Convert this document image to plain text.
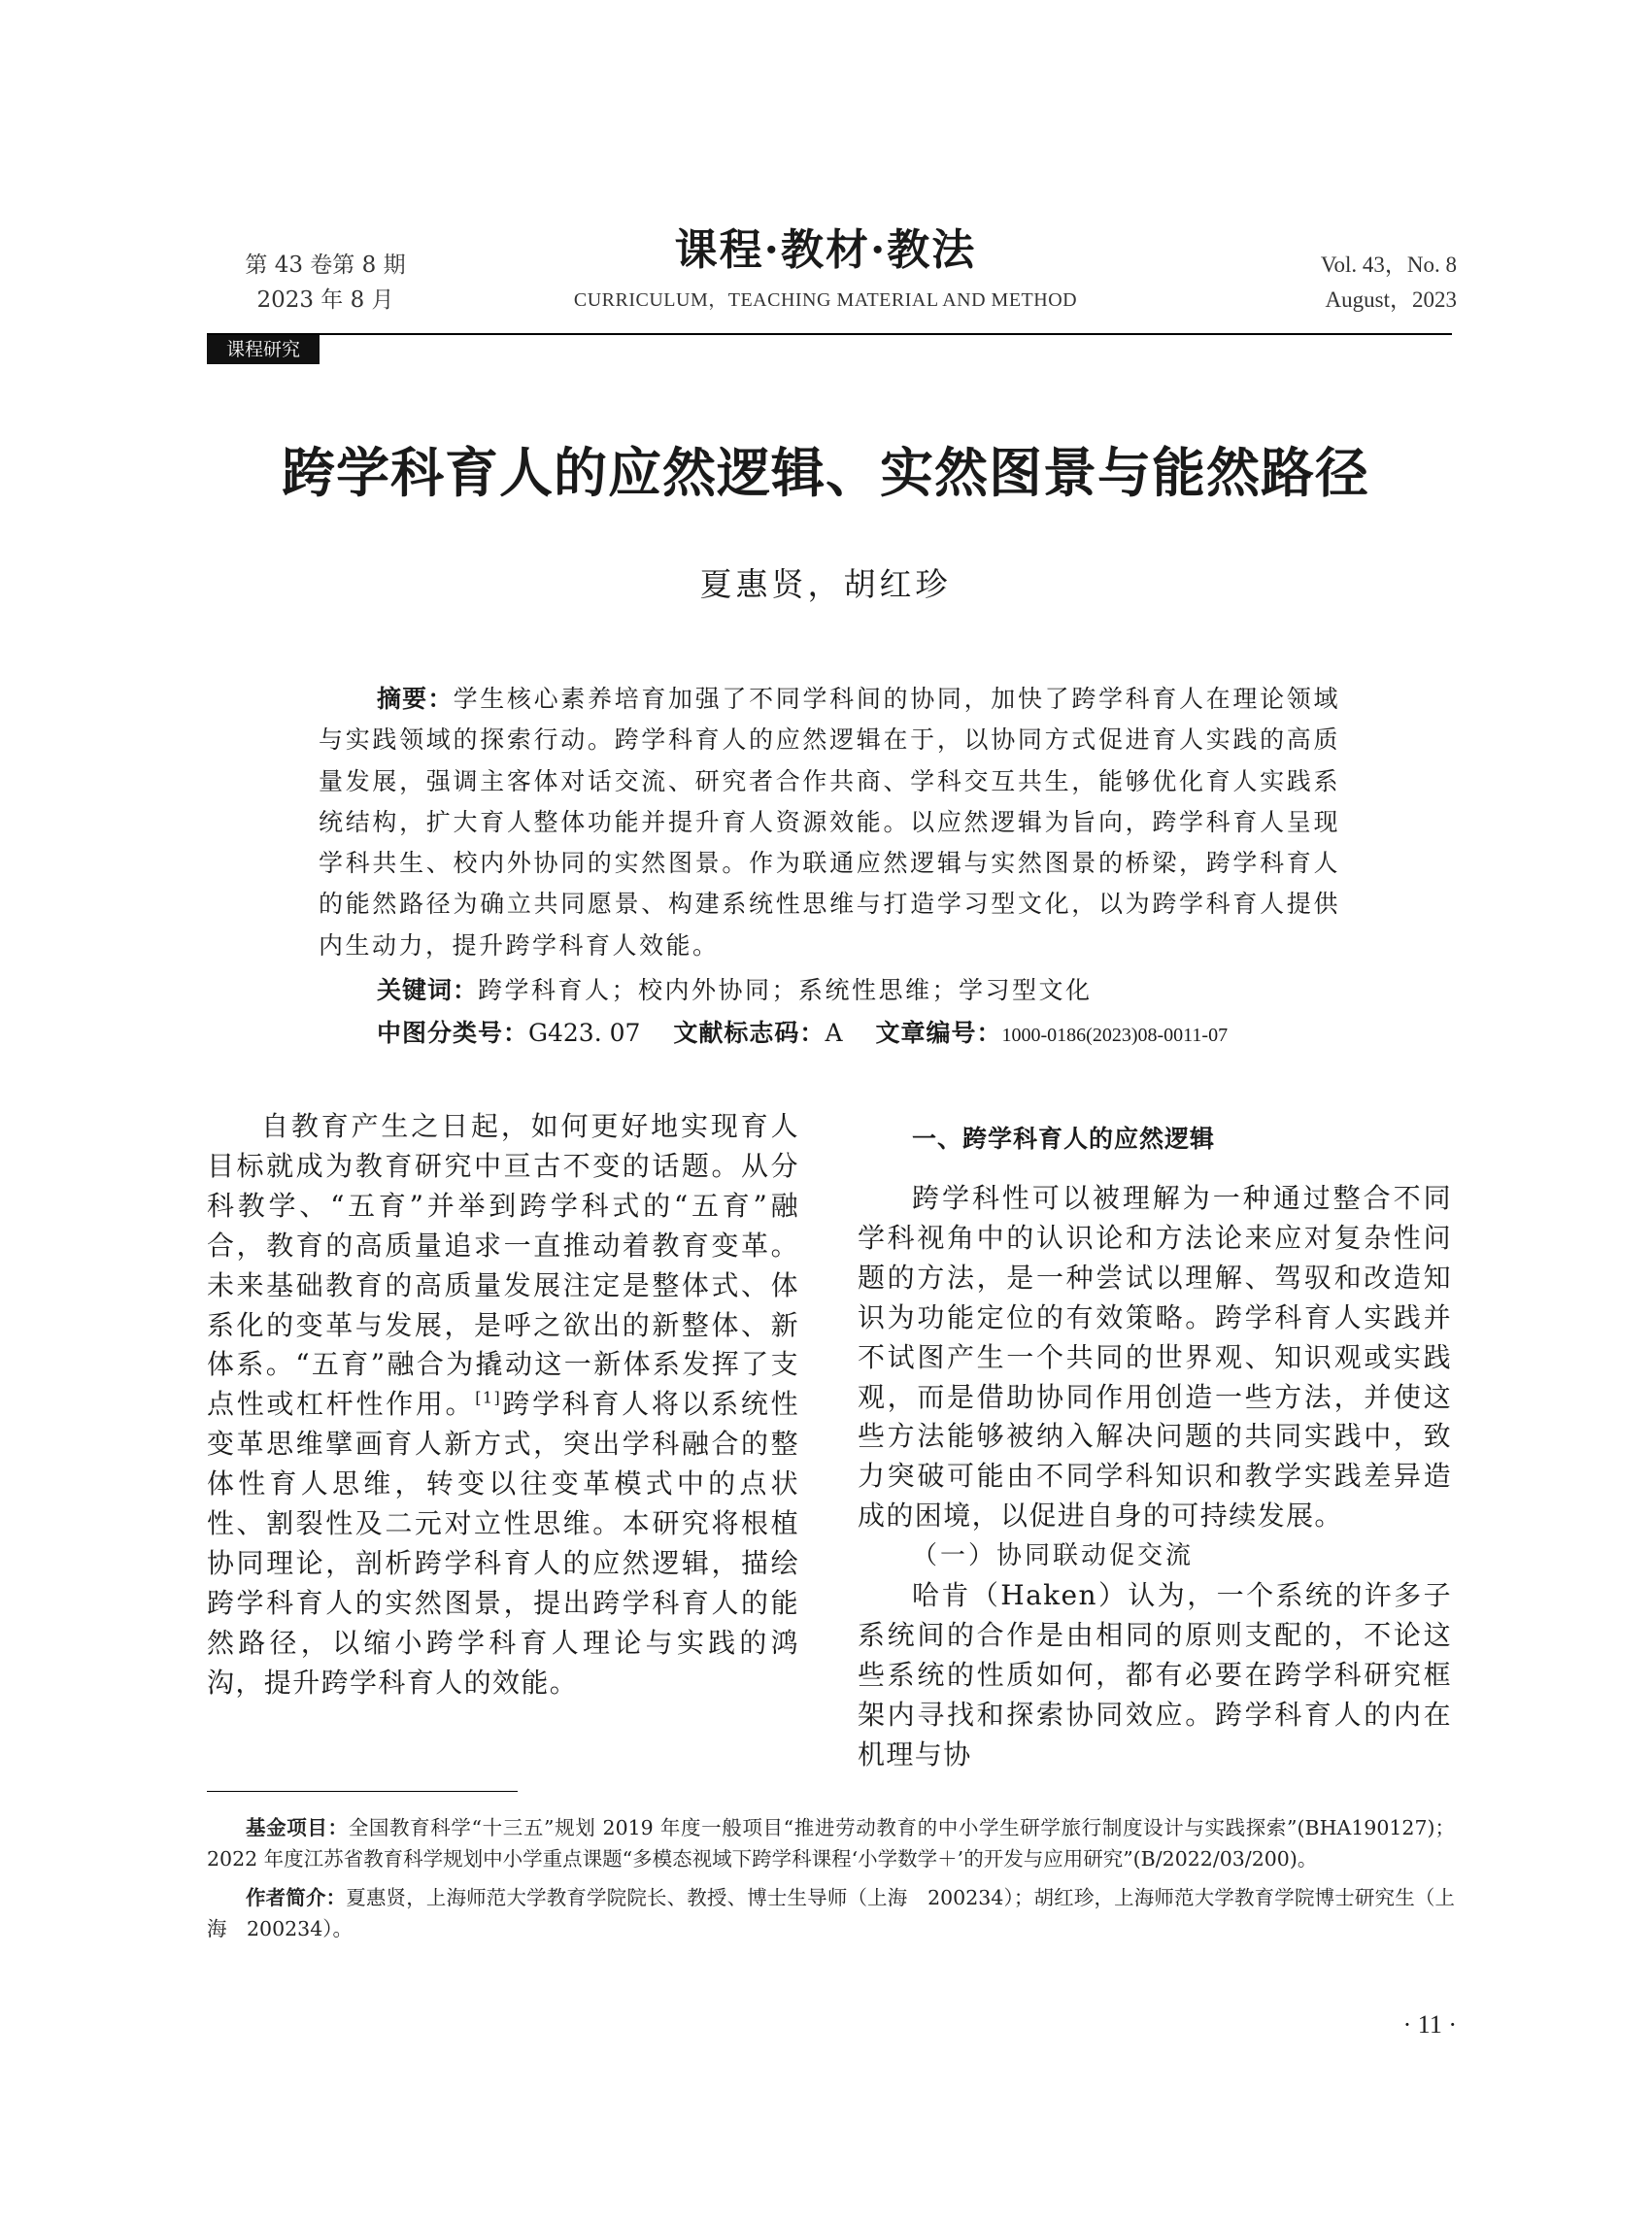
第 43 卷第 8 期
2023 年 8 月
课程·教材·教法
CURRICULUM，TEACHING MATERIAL AND METHOD
Vol. 43，No. 8
August，2023
课程研究
跨学科育人的应然逻辑、实然图景与能然路径
夏惠贤，胡红珍
摘要：学生核心素养培育加强了不同学科间的协同，加快了跨学科育人在理论领域与实践领域的探索行动。跨学科育人的应然逻辑在于，以协同方式促进育人实践的高质量发展，强调主客体对话交流、研究者合作共商、学科交互共生，能够优化育人实践系统结构，扩大育人整体功能并提升育人资源效能。以应然逻辑为旨向，跨学科育人呈现学科共生、校内外协同的实然图景。作为联通应然逻辑与实然图景的桥梁，跨学科育人的能然路径为确立共同愿景、构建系统性思维与打造学习型文化，以为跨学科育人提供内生动力，提升跨学科育人效能。
关键词：跨学科育人；校内外协同；系统性思维；学习型文化
中图分类号：G423. 07 文献标志码：A 文章编号：1000-0186(2023)08-0011-07

自教育产生之日起，如何更好地实现育人目标就成为教育研究中亘古不变的话题。从分科教学、“五育”并举到跨学科式的“五育”融合，教育的高质量追求一直推动着教育变革。未来基础教育的高质量发展注定是整体式、体系化的变革与发展，是呼之欲出的新整体、新体系。“五育”融合为撬动这一新体系发挥了支点性或杠杆性作用。[1]跨学科育人将以系统性变革思维擘画育人新方式，突出学科融合的整体性育人思维，转变以往变革模式中的点状性、割裂性及二元对立性思维。本研究将根植协同理论，剖析跨学科育人的应然逻辑，描绘跨学科育人的实然图景，提出跨学科育人的能然路径，以缩小跨学科育人理论与实践的鸿沟，提升跨学科育人的效能。

一、跨学科育人的应然逻辑

跨学科性可以被理解为一种通过整合不同学科视角中的认识论和方法论来应对复杂性问题的方法，是一种尝试以理解、驾驭和改造知识为功能定位的有效策略。跨学科育人实践并不试图产生一个共同的世界观、知识观或实践观，而是借助协同作用创造一些方法，并使这些方法能够被纳入解决问题的共同实践中，致力突破可能由不同学科知识和教学实践差异造成的困境，以促进自身的可持续发展。

（一）协同联动促交流

哈肯（Haken）认为，一个系统的许多子系统间的合作是由相同的原则支配的，不论这些系统的性质如何，都有必要在跨学科研究框架内寻找和探索协同效应。跨学科育人的内在机理与协

基金项目：全国教育科学“十三五”规划 2019 年度一般项目“推进劳动教育的中小学生研学旅行制度设计与实践探索”(BHA190127)；2022 年度江苏省教育科学规划中小学重点课题“多模态视域下跨学科课程‘小学数学＋’的开发与应用研究”(B/2022/03/200)。

作者简介：夏惠贤，上海师范大学教育学院院长、教授、博士生导师（上海　200234）；胡红珍，上海师范大学教育学院博士研究生（上海　200234）。

· 11 ·
